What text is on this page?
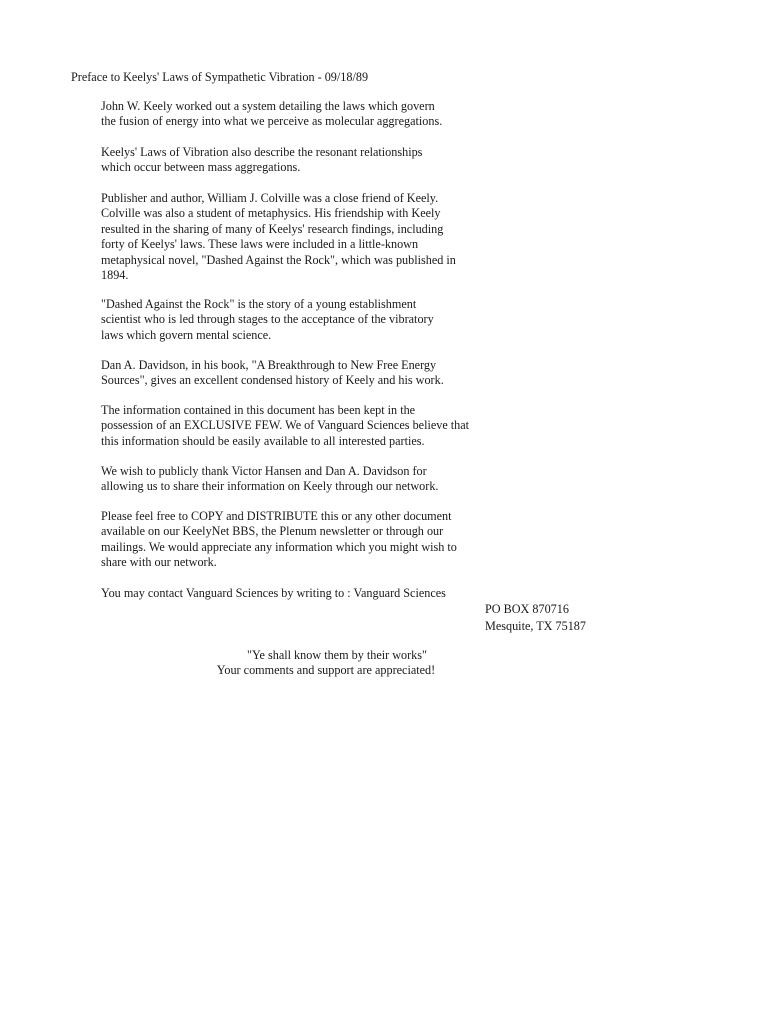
Preface to Keelys' Laws of Sympathetic Vibration - 09/18/89

John W. Keely worked out a system detailing the laws which govern
the fusion of energy into what we perceive as molecular aggregations.

Keelys' Laws of Vibration also describe the resonant relationships
which occur between mass aggregations.

Publisher and author, William J. Colville was a close friend of Keely.
Colville was also a student of metaphysics. His friendship with Keely
resulted in the sharing of many of Keelys' research findings, including
forty of Keelys' laws. These laws were included in a little-known
metaphysical novel, "Dashed Against the Rock", which was published in
1894.

"Dashed Against the Rock" is the story of a young establishment
scientist who is led through stages to the acceptance of the vibratory
laws which govern mental science.

Dan A. Davidson, in his book, "A Breakthrough to New Free Energy
Sources", gives an excellent condensed history of Keely and his work.

The information contained in this document has been kept in the
possession of an EXCLUSIVE FEW. We of Vanguard Sciences believe that
this information should be easily available to all interested parties.

We wish to publicly thank Victor Hansen and Dan A. Davidson for
allowing us to share their information on Keely through our network.

Please feel free to COPY and DISTRIBUTE this or any other document
available on our KeelyNet BBS, the Plenum newsletter or through our
mailings. We would appreciate any information which you might wish to
share with our network.

You may contact Vanguard Sciences by writing to : Vanguard Sciences

PO BOX 870716
Mesquite, TX 75187
"Ye shall know them by their works"
Your comments and support are appreciated!
